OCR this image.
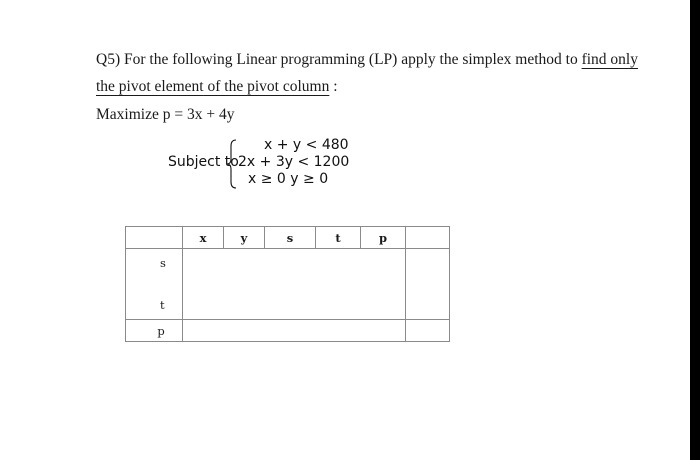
Q5) For the following Linear programming (LP) apply the simplex method to find only
the pivot element of the pivot column :
Maximize p = 3x + 4y
Subject to
x + y < 480
2x + 3y < 1200
x ≥ 0 y ≥ 0
	x	y	s	t	p	

s
t						

p						
